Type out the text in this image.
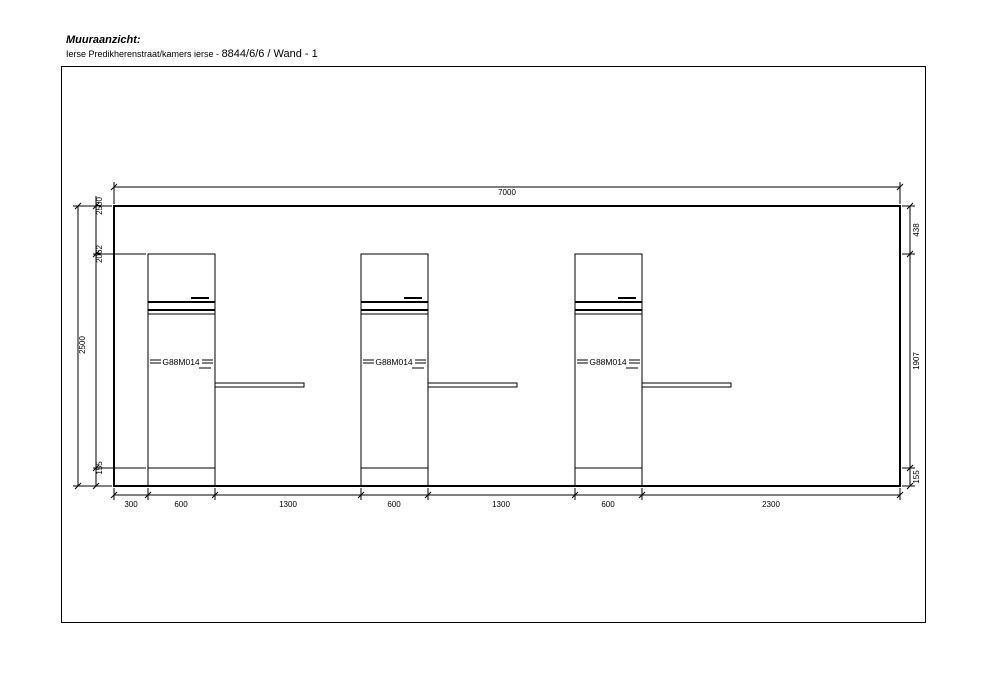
Muuraanzicht:
Ierse Predikherenstraat/kamers ierse - 8844/6/6 / Wand - 1
7000
2500
2062
2500
155
438
1907
155
300	600	1300	600	1300	600	2300
G88M014	G88M014	G88M014
